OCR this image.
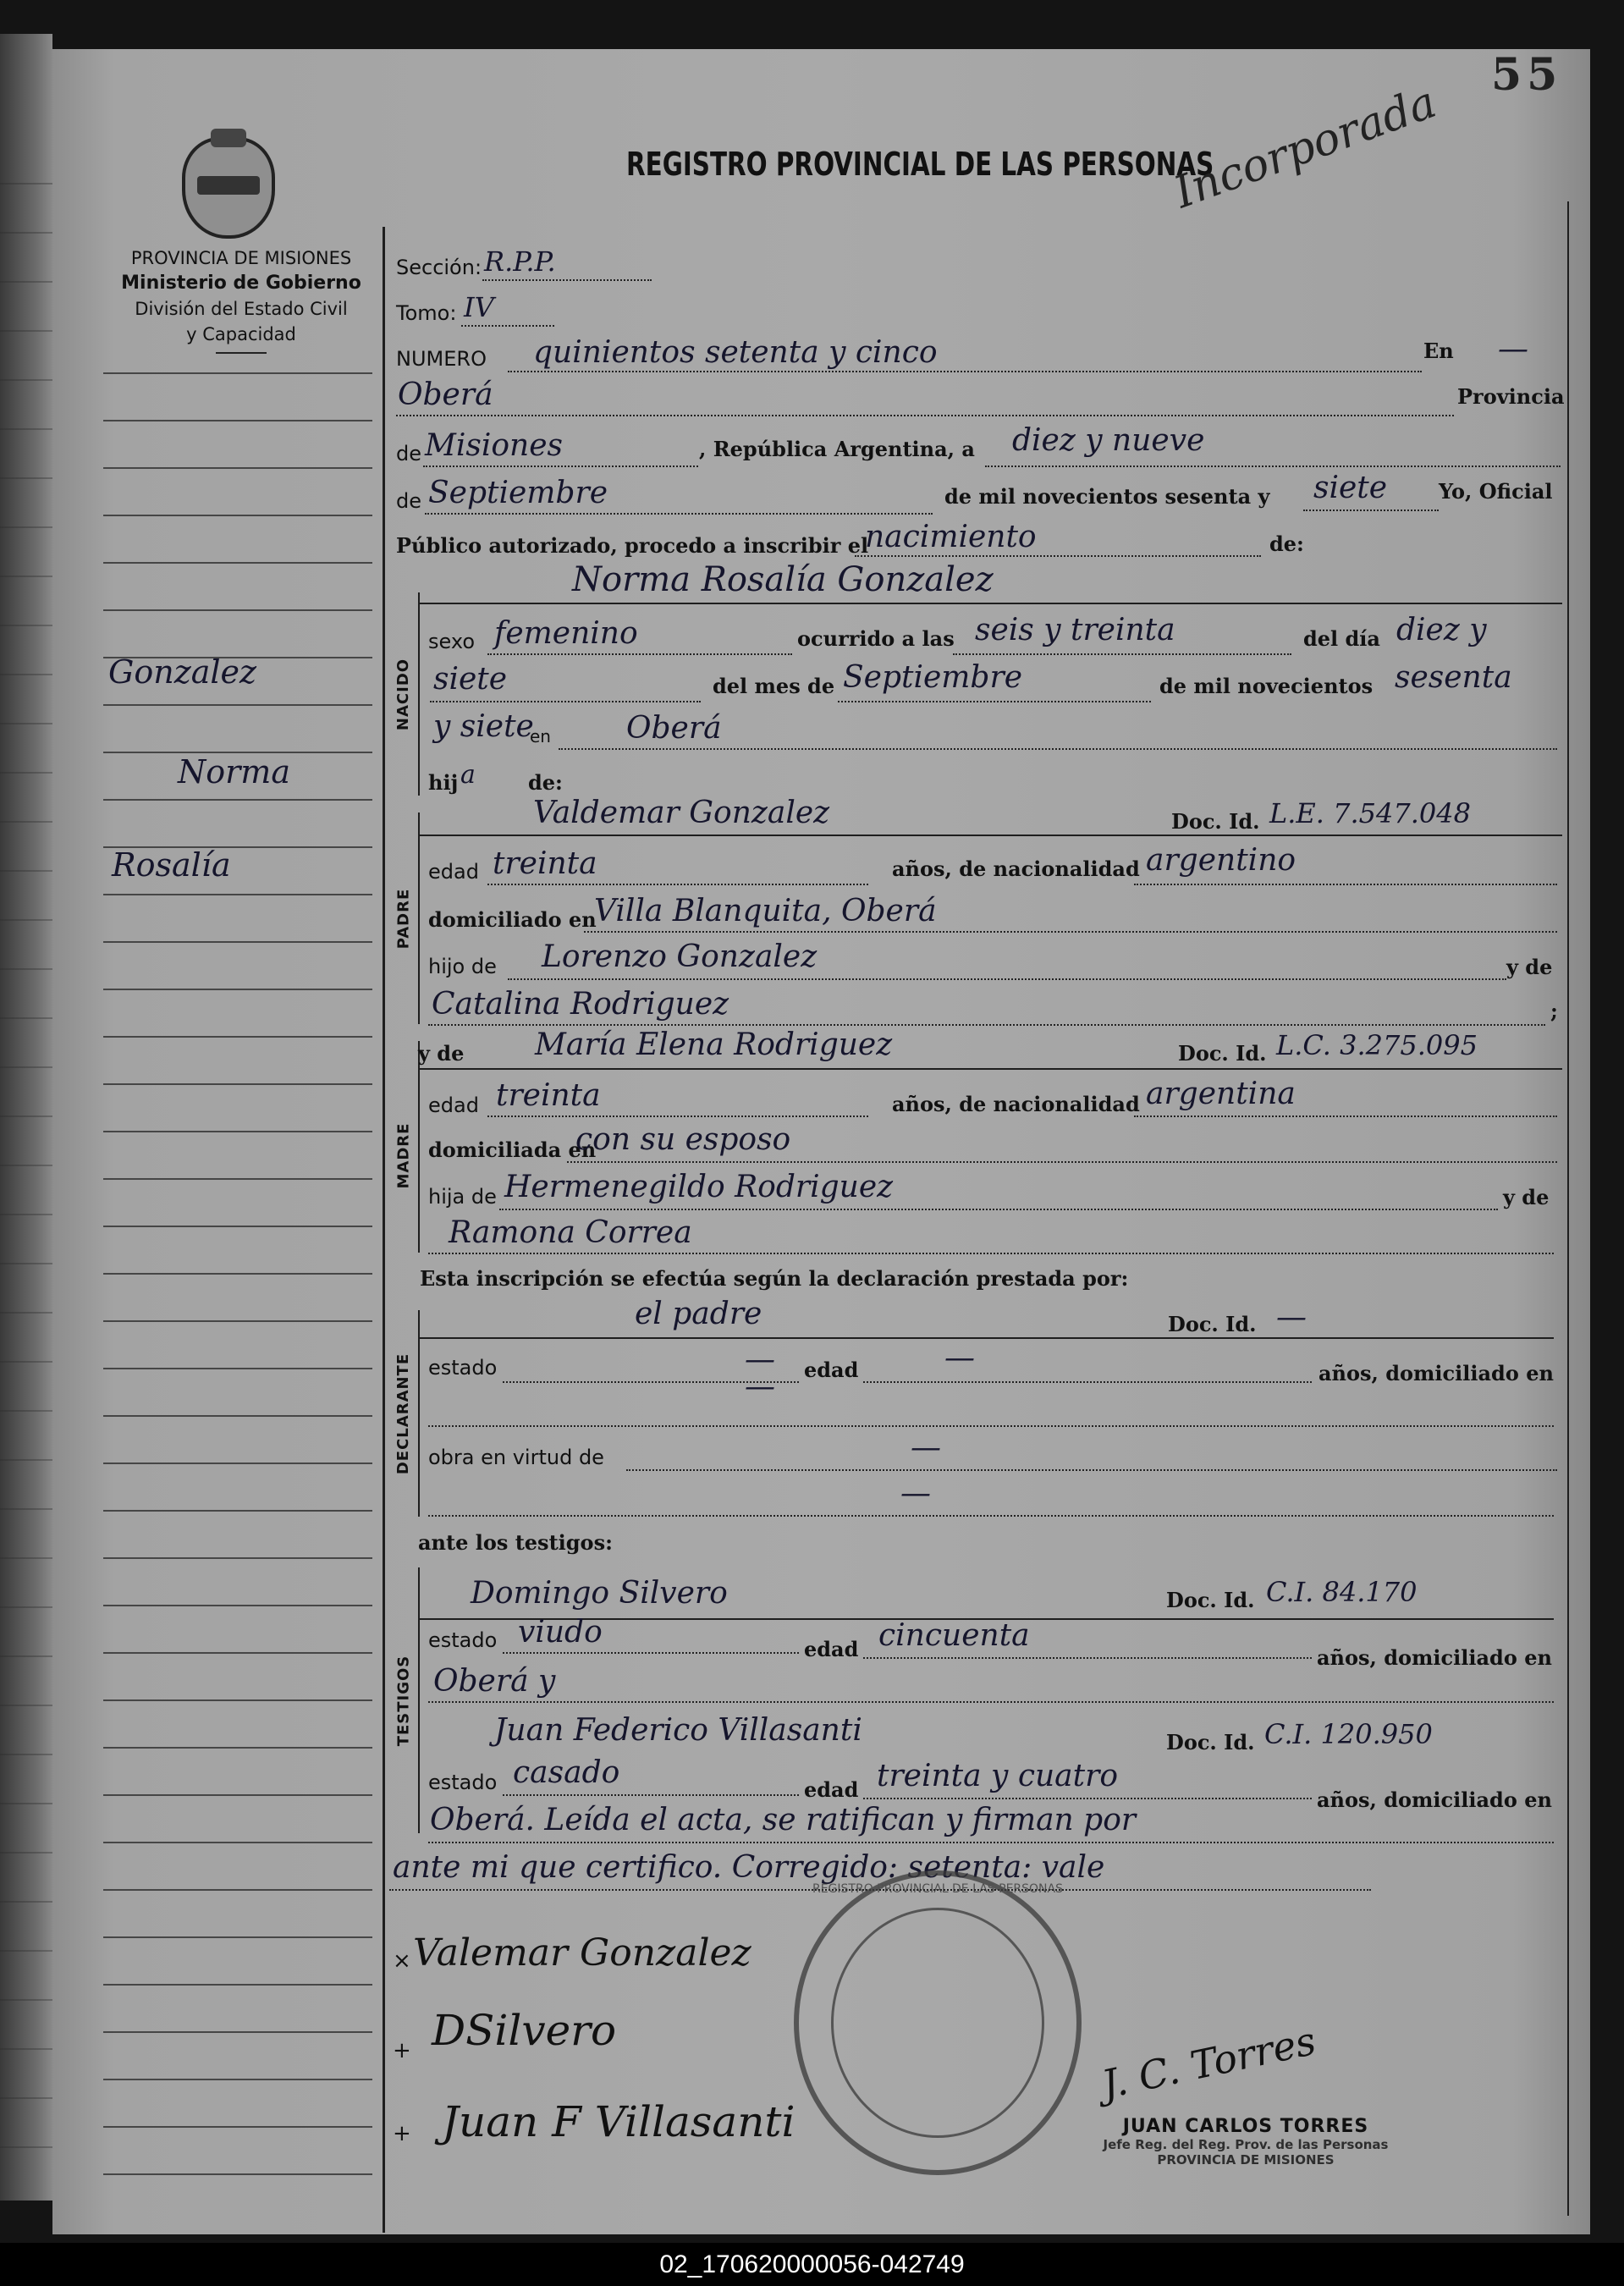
55
REGISTRO PROVINCIAL DE LAS PERSONAS
Incorporada
PROVINCIA DE MISIONES
Ministerio de Gobierno
División del Estado Civil
y Capacidad
Gonzalez
Norma
Rosalía
Sección: R.P.P.
Tomo: IV
NUMERO quinientos setenta y cinco	En —
Oberá	Provincia
de Misiones	, República Argentina, a diez y nueve
de Septiembre	de mil novecientos sesenta y siete	Yo, Oficial
Público autorizado, procedo a inscribir el
nacimiento	de:
NACIDO
Norma Rosalía Gonzalez
sexo femenino	ocurrido a las seis y treinta	del día diez y
siete	del mes de Septiembre	de mil novecientos sesenta
y siete
en Oberá
hij a	de:
PADRE
Valdemar Gonzalez	Doc. Id. L.E. 7.547.048
edad treinta	años, de nacionalidad argentino
domiciliado en
Villa Blanquita, Oberá
hijo de Lorenzo Gonzalez	y de
Catalina Rodriguez	;
MADRE
y de María Elena Rodriguez	Doc. Id. L.C. 3.275.095
edad treinta	años, de nacionalidad argentina
domiciliada en
con su esposo
hija de Hermenegildo Rodriguez	y de
Ramona Correa
Esta inscripción se efectúa según la declaración prestada por:
DECLARANTE
el padre	Doc. Id. —
estado	— edad	—	años, domiciliado en
—
obra en virtud de	—
—
ante los testigos:
TESTIGOS
Domingo Silvero	Doc. Id. C.I. 84.170
estado viudo	edad cincuenta
años, domiciliado en
Oberá y
Juan Federico Villasanti	Doc. Id. C.I. 120.950
estado casado	edad treinta y cuatro
años, domiciliado en
Oberá. Leída el acta, se ratifican y firman por
ante mi que certifico. Corregido: setenta: vale
× Valemar Gonzalez
+ DSilvero
+ Juan F Villasanti
J. C. Torres
REGISTRO PROVINCIAL DE LAS PERSONAS
JUAN CARLOS TORRES
Jefe Reg. del Reg. Prov. de las Personas
PROVINCIA DE MISIONES
02_170620000056-042749
